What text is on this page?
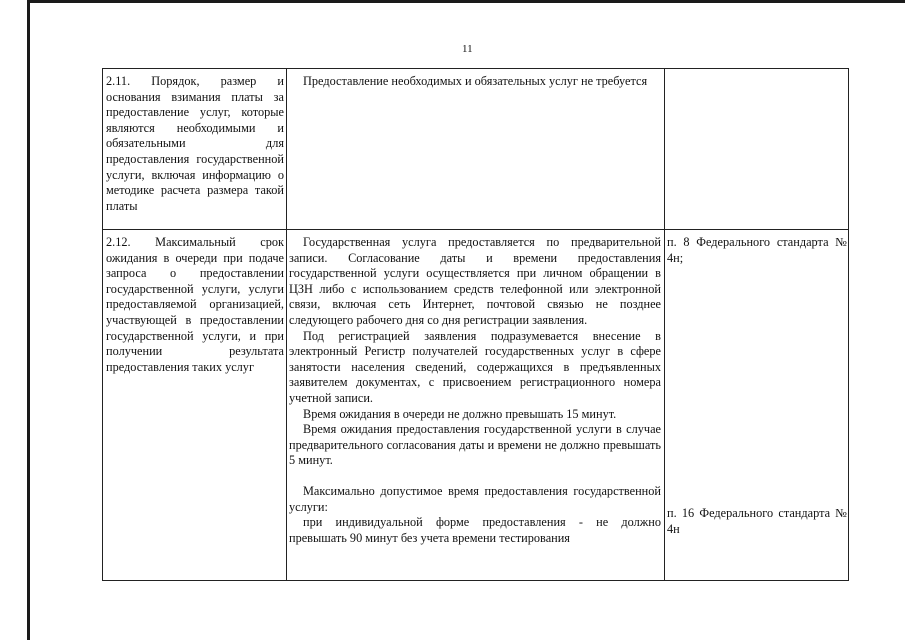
11
2.11. Порядок, размер и основания взимания платы за предоставление услуг, которые являются необходимыми и обязательными для предоставления государственной услуги, включая информацию о методике расчета размера такой платы

Предоставление необходимых и обязательных услуг не требуется

2.12. Максимальный срок ожидания в очереди при подаче запроса о предоставлении государственной услуги, услуги предоставляемой организацией, участвующей в предоставлении государственной услуги, и при получении результата предоставления таких услуг

Государственная услуга предоставляется по предварительной записи. Согласование даты и времени предоставления государственной услуги осуществляется при личном обращении в ЦЗН либо с использованием средств телефонной или электронной связи, включая сеть Интернет, почтовой связью не позднее следующего рабочего дня со дня регистрации заявления.

Под регистрацией заявления подразумевается внесение в электронный Регистр получателей государственных услуг в сфере занятости населения сведений, содержащихся в предъявленных заявителем документах, с присвоением регистрационного номера учетной записи.

Время ожидания в очереди не должно превышать 15 минут.

Время ожидания предоставления государственной услуги в случае предварительного согласования даты и времени не должно превышать 5 минут.

Максимально допустимое время предоставления государственной услуги:

при индивидуальной форме предоставления - не должно превышать 90 минут без учета времени тестирования

п. 8 Федерального стандарта № 4н;

п. 16 Федерального стандарта № 4н
